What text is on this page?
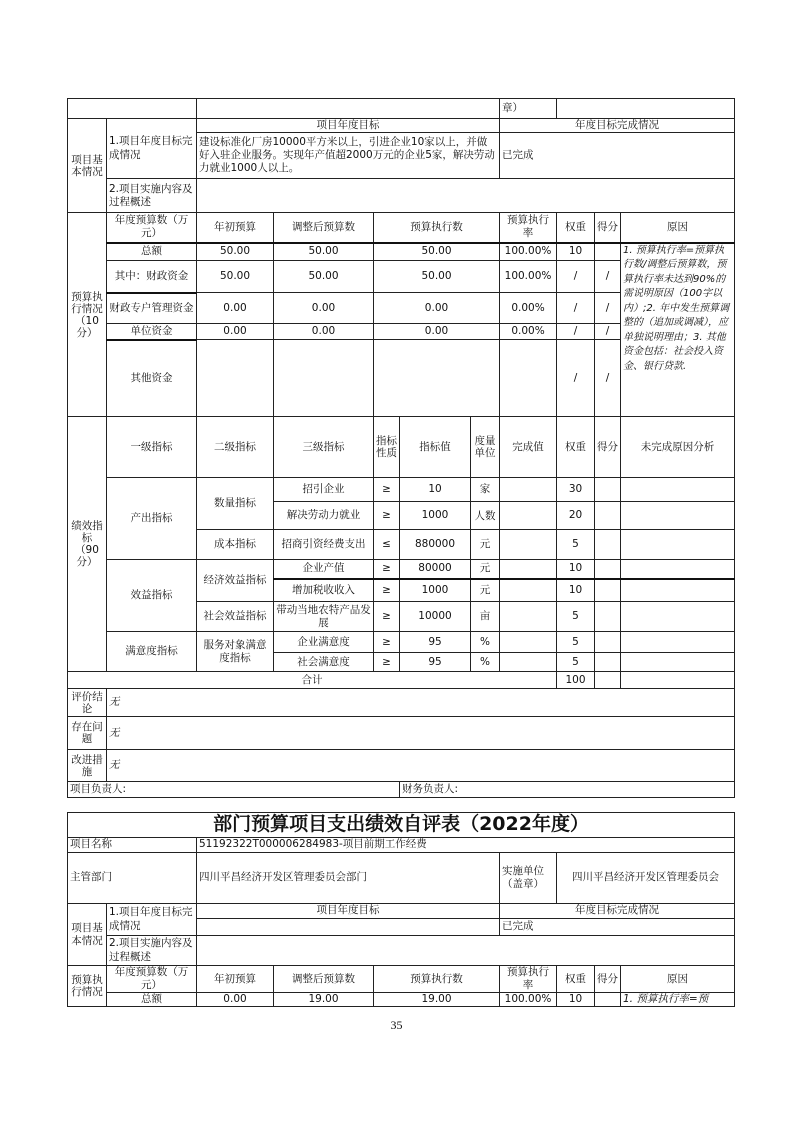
							章）			
项目基本情况	1.项目年度目标完成情况	项目年度目标					年度目标完成情况			
		建设标准化厂房10000平方米以上，引进企业10家以上，并做好入驻企业服务。实现年产值超2000万元的企业5家，解决劳动力就业1000人以上。					已完成			
	2.项目实施内容及过程概述									
预算执行情况（10分）	年度预算数（万元）	年初预算	调整后预算数	预算执行数			预算执行率	权重	得分	原因
	总额	50.00	50.00	50.00			100.00%	10		1. 预算执行率=预算执行数/调整后预算数，预算执行率未达到90%的需说明原因（100字以内）;2. 年中发生预算调整的（追加或调减），应单独说明理由；3. 其他资金包括：社会投入资金、银行贷款.
	其中：财政资金	50.00	50.00	50.00			100.00%	/	/	
	财政专户管理资金	0.00	0.00	0.00			0.00%	/	/	
	单位资金	0.00	0.00	0.00			0.00%	/	/	
	其他资金							/	/	
绩效指标（90分）	一级指标	二级指标	三级指标	指标性质	指标值	度量单位	完成值	权重	得分	未完成原因分析
	产出指标	数量指标	招引企业	≥	10	家		30		
			解决劳动力就业	≥	1000	人数		20		
		成本指标	招商引资经费支出	≤	880000	元		5		
	效益指标	经济效益指标	企业产值	≥	80000	元		10		
			增加税收收入	≥	1000	元		10		
		社会效益指标	带动当地农特产品发展	≥	10000	亩		5		
	满意度指标	服务对象满意度指标	企业满意度	≥	95	%		5		
			社会满意度	≥	95	%		5		
合计								100		
评价结论	无									
存在问题	无									
改进措施	无									
项目负责人:					财务负责人:					
部门预算项目支出绩效自评表（2022年度）								
项目名称		51192322T000006284983-项目前期工作经费						
主管部门		四川平昌经济开发区管理委员会部门			实施单位（盖章）	四川平昌经济开发区管理委员会		
项目基本情况	1.项目年度目标完成情况	项目年度目标			年度目标完成情况			
					已完成			
	2.项目实施内容及过程概述							
预算执行情况	年度预算数（万元）	年初预算	调整后预算数	预算执行数	预算执行率	权重	得分	原因
	总额	0.00	19.00	19.00	100.00%	10		1. 预算执行率=预
35
